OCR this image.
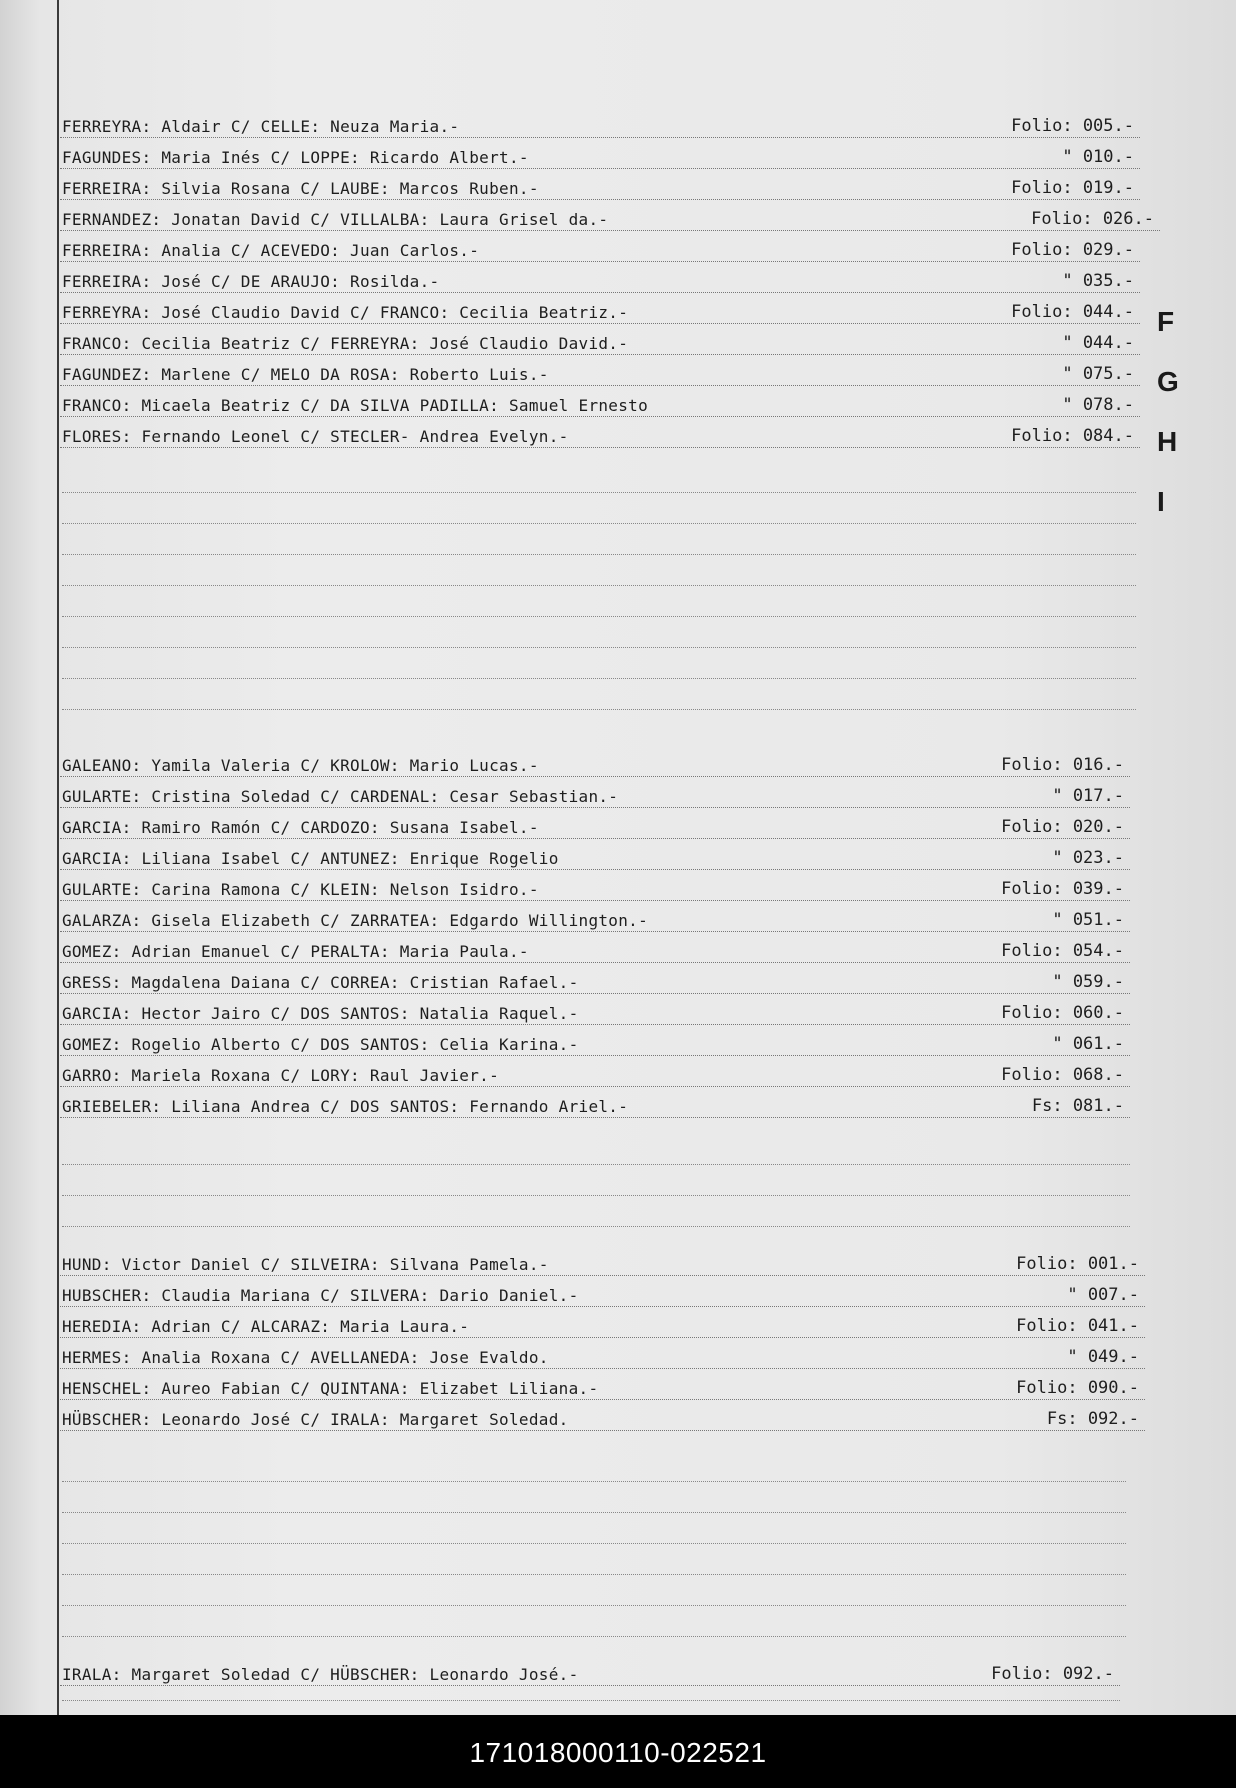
F
G
H
I
FERREYRA: Aldair C/ CELLE: Neuza Maria.-	Folio: 005.-
FAGUNDES: Maria Inés C/ LOPPE: Ricardo Albert.-	" 010.-
FERREIRA: Silvia Rosana C/ LAUBE: Marcos Ruben.-	Folio: 019.-
FERNANDEZ: Jonatan David C/ VILLALBA: Laura Grisel da.-	Folio: 026.-
FERREIRA: Analia C/ ACEVEDO: Juan Carlos.-	Folio: 029.-
FERREIRA: José C/ DE ARAUJO: Rosilda.-	" 035.-
FERREYRA: José Claudio David C/ FRANCO: Cecilia Beatriz.-	Folio: 044.-
FRANCO: Cecilia Beatriz C/ FERREYRA: José Claudio David.-	" 044.-
FAGUNDEZ: Marlene C/ MELO DA ROSA: Roberto Luis.-	" 075.-
FRANCO: Micaela Beatriz C/ DA SILVA PADILLA: Samuel Ernesto	" 078.-
FLORES: Fernando Leonel C/ STECLER- Andrea Evelyn.-	Folio: 084.-
GALEANO: Yamila Valeria C/ KROLOW: Mario Lucas.-	Folio: 016.-
GULARTE: Cristina Soledad C/ CARDENAL: Cesar Sebastian.-	" 017.-
GARCIA: Ramiro Ramón C/ CARDOZO: Susana Isabel.-	Folio: 020.-
GARCIA: Liliana Isabel C/ ANTUNEZ: Enrique Rogelio	" 023.-
GULARTE: Carina Ramona C/ KLEIN: Nelson Isidro.-	Folio: 039.-
GALARZA: Gisela Elizabeth C/ ZARRATEA: Edgardo Willington.-	" 051.-
GOMEZ: Adrian Emanuel C/ PERALTA: Maria Paula.-	Folio: 054.-
GRESS: Magdalena Daiana C/ CORREA: Cristian Rafael.-	" 059.-
GARCIA: Hector Jairo C/ DOS SANTOS: Natalia Raquel.-	Folio: 060.-
GOMEZ: Rogelio Alberto C/ DOS SANTOS: Celia Karina.-	" 061.-
GARRO: Mariela Roxana C/ LORY: Raul Javier.-	Folio: 068.-
GRIEBELER: Liliana Andrea C/ DOS SANTOS: Fernando Ariel.-	Fs: 081.-
HUND: Victor Daniel C/ SILVEIRA: Silvana Pamela.-	Folio: 001.-
HUBSCHER: Claudia Mariana C/ SILVERA: Dario Daniel.-	" 007.-
HEREDIA: Adrian C/ ALCARAZ: Maria Laura.-	Folio: 041.-
HERMES: Analia Roxana C/ AVELLANEDA: Jose Evaldo.	" 049.-
HENSCHEL: Aureo Fabian C/ QUINTANA: Elizabet Liliana.-	Folio: 090.-
HÜBSCHER: Leonardo José C/ IRALA: Margaret Soledad.	Fs: 092.-
IRALA: Margaret Soledad C/ HÜBSCHER: Leonardo José.-	Folio: 092.-
171018000110-022521
